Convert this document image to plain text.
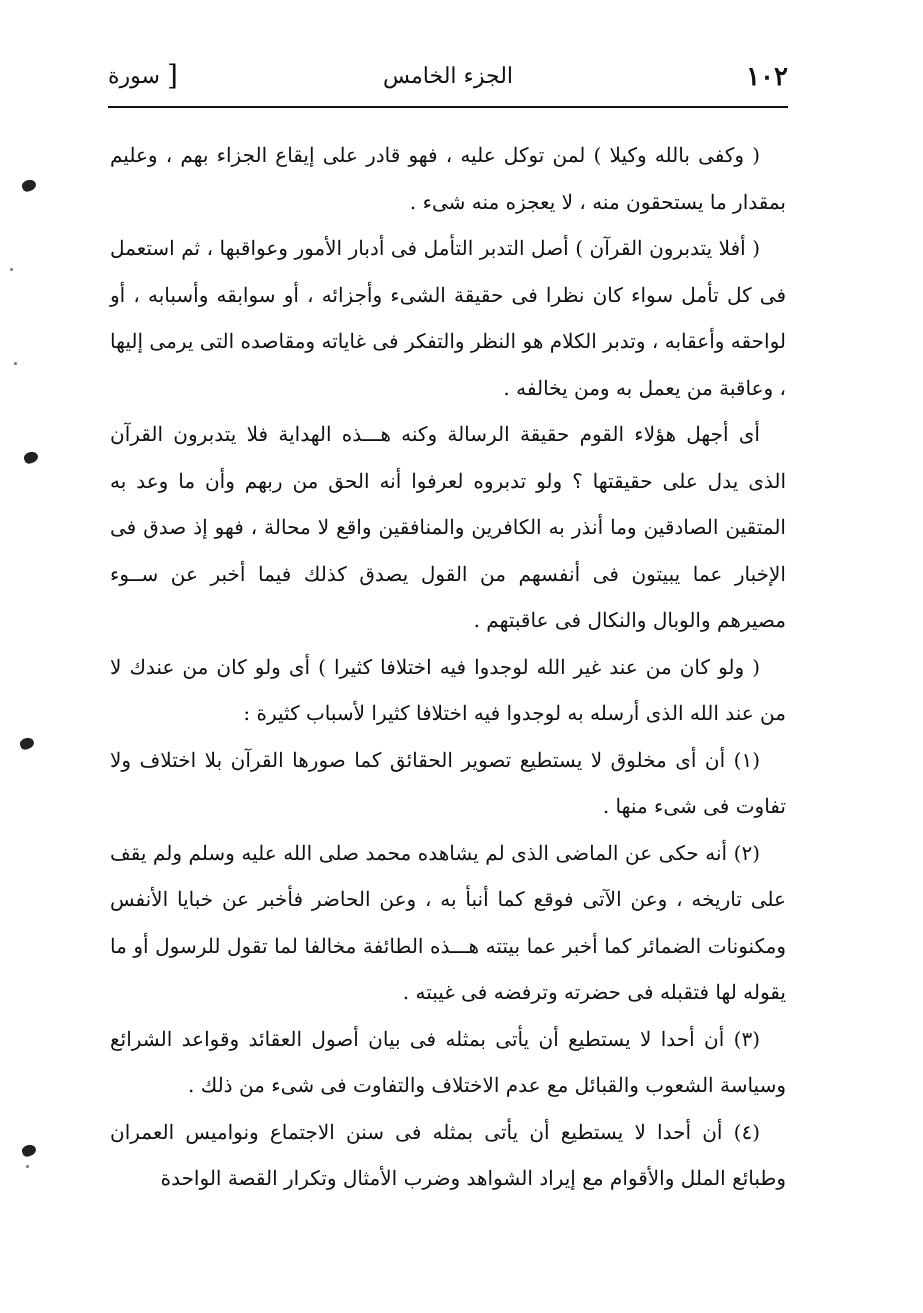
١٠٢
الجزء الخامس
[ سورة

( وكفى بالله وكيلا ) لمن توكل عليه ، فهو قادر على إيقاع الجزاء بهم ، وعليم بمقدار ما يستحقون منه ، لا يعجزه منه شىء .

( أفلا يتدبرون القرآن ) أصل التدبر التأمل فى أدبار الأمور وعواقبها ، ثم استعمل فى كل تأمل سواء كان نظرا فى حقيقة الشىء وأجزائه ، أو سوابقه وأسبابه ، أو لواحقه وأعقابه ، وتدبر الكلام هو النظر والتفكر فى غاياته ومقاصده التى يرمى إليها ، وعاقبة من يعمل به ومن يخالفه .

أى أجهل هؤلاء القوم حقيقة الرسالة وكنه هـــذه الهداية فلا يتدبرون القرآن الذى يدل على حقيقتها ؟ ولو تدبروه لعرفوا أنه الحق من ربهم وأن ما وعد به المتقين الصادقين وما أنذر به الكافرين والمنافقين واقع لا محالة ، فهو إذ صدق فى الإخبار عما يبيتون فى أنفسهم من القول يصدق كذلك فيما أخبر عن ســوء مصيرهم والوبال والنكال فى عاقبتهم .

( ولو كان من عند غير الله لوجدوا فيه اختلافا كثيرا ) أى ولو كان من عندك لا من عند الله الذى أرسله به لوجدوا فيه اختلافا كثيرا لأسباب كثيرة :

(١) أن أى مخلوق لا يستطيع تصوير الحقائق كما صورها القرآن بلا اختلاف ولا تفاوت فى شىء منها .

(٢) أنه حكى عن الماضى الذى لم يشاهده محمد صلى الله عليه وسلم ولم يقف على تاريخه ، وعن الآتى فوقع كما أنبأ به ، وعن الحاضر فأخبر عن خبايا الأنفس ومكنونات الضمائر كما أخبر عما بيتته هـــذه الطائفة مخالفا لما تقول للرسول أو ما يقوله لها فتقبله فى حضرته وترفضه فى غيبته .

(٣) أن أحدا لا يستطيع أن يأتى بمثله فى بيان أصول العقائد وقواعد الشرائع وسياسة الشعوب والقبائل مع عدم الاختلاف والتفاوت فى شىء من ذلك .

(٤) أن أحدا لا يستطيع أن يأتى بمثله فى سنن الاجتماع ونواميس العمران وطبائع الملل والأقوام مع إيراد الشواهد وضرب الأمثال وتكرار القصة الواحدة
